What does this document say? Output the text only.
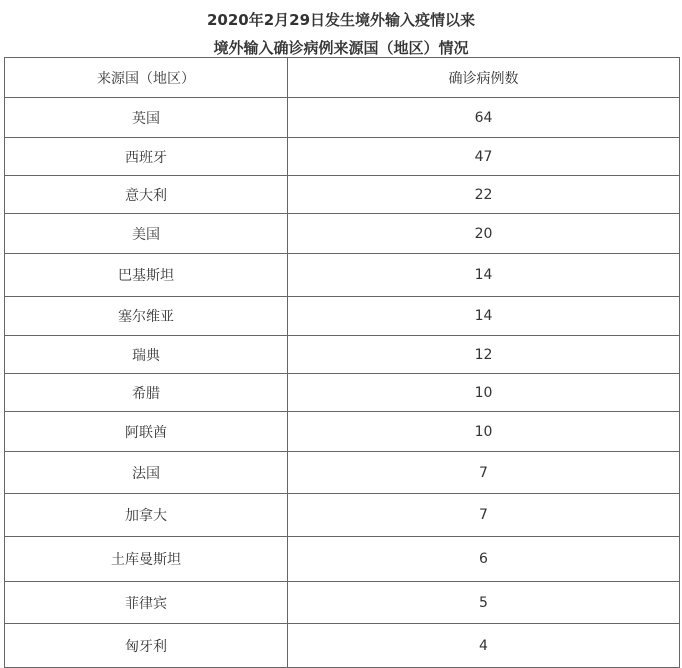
2020年2月29日发生境外输入疫情以来
境外输入确诊病例来源国（地区）情况
来源国（地区）	确诊病例数
英国	64
西班牙	47
意大利	22
美国	20
巴基斯坦	14
塞尔维亚	14
瑞典	12
希腊	10
阿联酋	10
法国	7
加拿大	7
土库曼斯坦	6
菲律宾	5
匈牙利	4
